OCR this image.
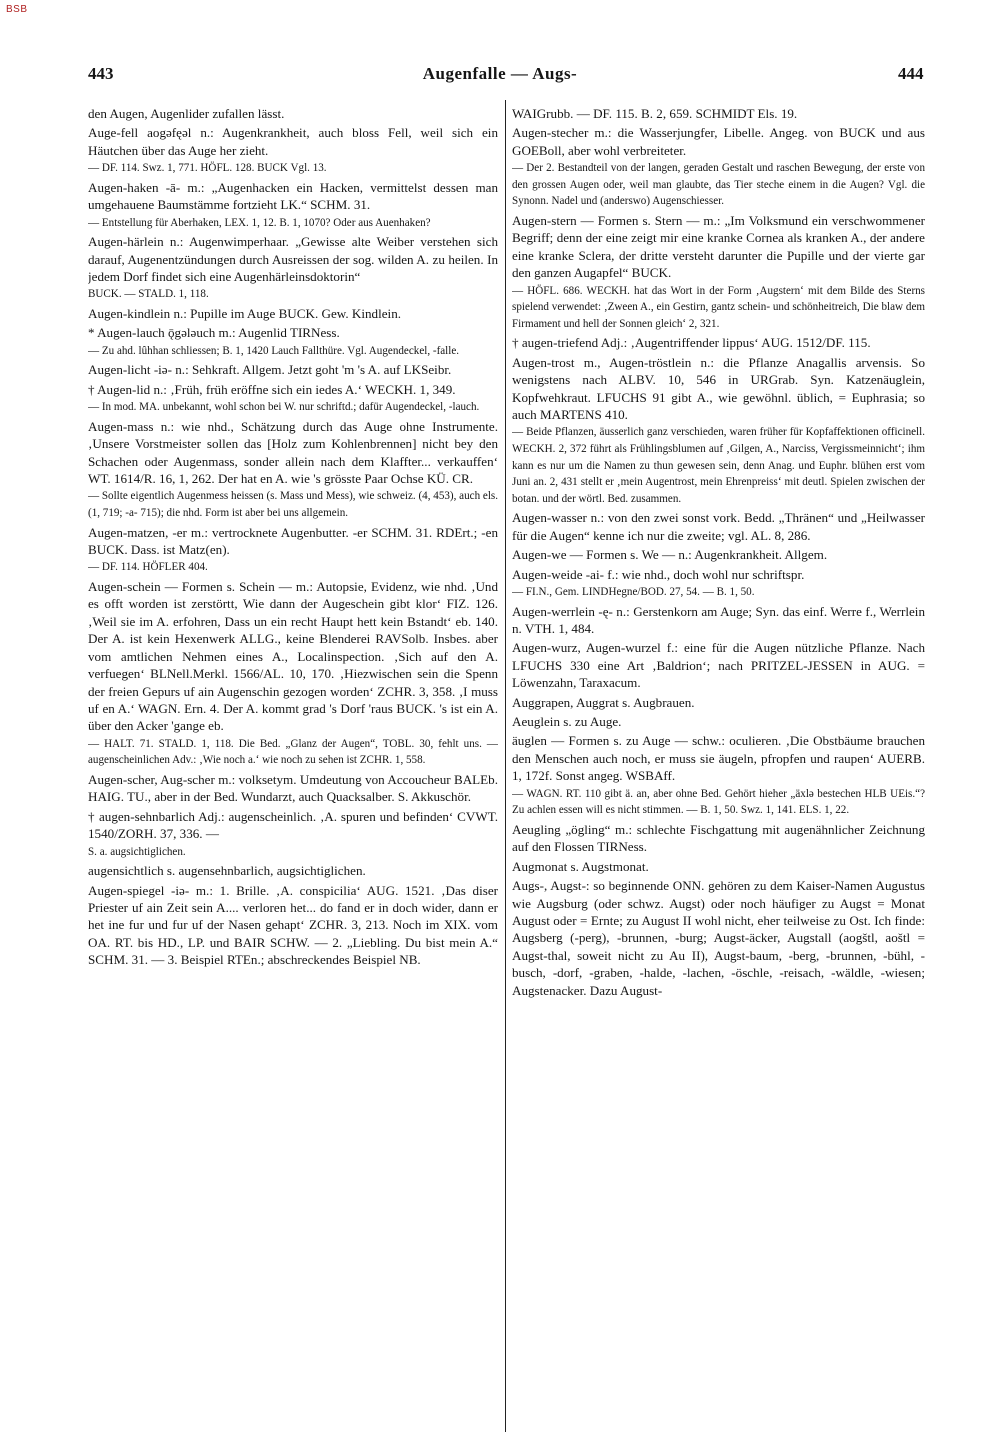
BSB
443	Augenfalle — Augs-	444

den Augen, Augenlider zufallen lässt.

Auge-fell aogǝfęǝl n.: Augenkrankheit, auch bloss Fell, weil sich ein Häutchen über das Auge her zieht.

— DF. 114. Swz. 1, 771. HÖFL. 128. BUCK Vgl. 13.

Augen-haken -ā- m.: „Augenhacken ein Hacken, vermittelst dessen man umgehauene Baumstämme fortzieht LK.“ SCHM. 31.

— Entstellung für Aberhaken, LEX. 1, 12. B. 1, 1070? Oder aus Auenhaken?

Augen-härlein n.: Augenwimperhaar. „Gewisse alte Weiber verstehen sich darauf, Augenentzündungen durch Ausreissen der sog. wilden A. zu heilen. In jedem Dorf findet sich eine Augenhärleinsdoktorin“

BUCK. — STALD. 1, 118.

Augen-kindlein n.: Pupille im Auge BUCK. Gew. Kindlein.

* Augen-lauch ǭgǝlǝuch m.: Augenlid TIRNess.

— Zu ahd. lûhhan schliessen; B. 1, 1420 Lauch Fallthüre. Vgl. Augendeckel, -falle.

Augen-licht -iǝ- n.: Sehkraft. Allgem. Jetzt goht 'm 's A. auf LKSeibr.

† Augen-lid n.: ‚Früh, früh eröffne sich ein iedes A.‘ WECKH. 1, 349.

— In mod. MA. unbekannt, wohl schon bei W. nur schriftd.; dafür Augendeckel, -lauch.

Augen-mass n.: wie nhd., Schätzung durch das Auge ohne Instrumente. ‚Unsere Vorstmeister sollen das [Holz zum Kohlenbrennen] nicht bey den Schachen oder Augenmass, sonder allein nach dem Klaffter... verkauffen‘ WT. 1614/R. 16, 1, 262. Der hat en A. wie 's grösste Paar Ochse KÜ. CR.

— Sollte eigentlich Augenmess heissen (s. Mass und Mess), wie schweiz. (4, 453), auch els. (1, 719; -a- 715); die nhd. Form ist aber bei uns allgemein.

Augen-matzen, -er m.: vertrocknete Augenbutter. -er SCHM. 31. RDErt.; -en BUCK. Dass. ist Matz(en).

— DF. 114. HÖFLER 404.

Augen-schein — Formen s. Schein — m.: Autopsie, Evidenz, wie nhd. ‚Und es offt worden ist zerstörtt, Wie dann der Augeschein gibt klor‘ FIZ. 126. ‚Weil sie im A. erfohren, Dass un ein recht Haupt hett kein Bstandt‘ eb. 140. Der A. ist kein Hexenwerk ALLG., keine Blenderei RAVSolb. Insbes. aber vom amtlichen Nehmen eines A., Localinspection. ‚Sich auf den A. verfuegen‘ BLNell.Merkl. 1566/AL. 10, 170. ‚Hiezwischen sein die Spenn der freien Gepurs uf ain Augenschin gezogen worden‘ ZCHR. 3, 358. ‚I muss uf en A.‘ WAGN. Ern. 4. Der A. kommt grad 's Dorf 'raus BUCK. 's ist ein A. über den Acker 'gange eb.

— HALT. 71. STALD. 1, 118. Die Bed. „Glanz der Augen“, TOBL. 30, fehlt uns. — augenscheinlichen Adv.: ‚Wie noch a.‘ wie noch zu sehen ist ZCHR. 1, 558.

Augen-scher, Aug-scher m.: volksetym. Umdeutung von Accoucheur BALEb. HAIG. TU., aber in der Bed. Wundarzt, auch Quacksalber. S. Akkuschör.

† augen-sehnbarlich Adj.: augenscheinlich. ‚A. spuren und befinden‘ CVWT. 1540/ZORH. 37, 336. —

S. a. augsichtiglichen.

augensichtlich s. augensehnbarlich, augsichtiglichen.

Augen-spiegel -iǝ- m.: 1. Brille. ‚A. conspicilia‘ AUG. 1521. ‚Das diser Priester uf ain Zeit sein A.... verloren het... do fand er in doch wider, dann er het ine fur und fur uf der Nasen gehapt‘ ZCHR. 3, 213. Noch im XIX. vom OA. RT. bis HD., LP. und BAIR SCHW. — 2. „Liebling. Du bist mein A.“ SCHM. 31. — 3. Beispiel RTEn.; abschreckendes Beispiel NB.

WAIGrubb. — DF. 115. B. 2, 659. SCHMIDT Els. 19.

Augen-stecher m.: die Wasserjungfer, Libelle. Angeg. von BUCK und aus GOEBoll, aber wohl verbreiteter.

— Der 2. Bestandteil von der langen, geraden Gestalt und raschen Bewegung, der erste von den grossen Augen oder, weil man glaubte, das Tier steche einem in die Augen? Vgl. die Synonn. Nadel und (anderswo) Augenschiesser.

Augen-stern — Formen s. Stern — m.: „Im Volksmund ein verschwommener Begriff; denn der eine zeigt mir eine kranke Cornea als kranken A., der andere eine kranke Sclera, der dritte versteht darunter die Pupille und der vierte gar den ganzen Augapfel“ BUCK.

— HÖFL. 686. WECKH. hat das Wort in der Form ‚Augstern‘ mit dem Bilde des Sterns spielend verwendet: ‚Zween A., ein Gestirn, gantz schein- und schönheitreich, Die blaw dem Firmament und hell der Sonnen gleich‘ 2, 321.

† augen-triefend Adj.: ‚Augentriffender lippus‘ AUG. 1512/DF. 115.

Augen-trost m., Augen-tröstlein n.: die Pflanze Anagallis arvensis. So wenigstens nach ALBV. 10, 546 in URGrab. Syn. Katzenäuglein, Kopfwehkraut. LFUCHS 91 gibt A., wie gewöhnl. üblich, = Euphrasia; so auch MARTENS 410.

— Beide Pflanzen, äusserlich ganz verschieden, waren früher für Kopfaffektionen officinell. WECKH. 2, 372 führt als Frühlingsblumen auf ‚Gilgen, A., Narciss, Vergissmeinnicht‘; ihm kann es nur um die Namen zu thun gewesen sein, denn Anag. und Euphr. blühen erst vom Juni an. 2, 431 stellt er ‚mein Augentrost, mein Ehrenpreiss‘ mit deutl. Spielen zwischen der botan. und der wörtl. Bed. zusammen.

Augen-wasser n.: von den zwei sonst vork. Bedd. „Thränen“ und „Heilwasser für die Augen“ kenne ich nur die zweite; vgl. AL. 8, 286.

Augen-we — Formen s. We — n.: Augenkrankheit. Allgem.

Augen-weide -ai- f.: wie nhd., doch wohl nur schriftspr.

— FI.N., Gem. LINDHegne/BOD. 27, 54. — B. 1, 50.

Augen-werrlein -ę- n.: Gerstenkorn am Auge; Syn. das einf. Werre f., Werrlein n. VTH. 1, 484.

Augen-wurz, Augen-wurzel f.: eine für die Augen nützliche Pflanze. Nach LFUCHS 330 eine Art ‚Baldrion‘; nach PRITZEL-JESSEN in AUG. = Löwenzahn, Taraxacum.

Auggrapen, Auggrat s. Augbrauen.

Aeuglein s. zu Auge.

äuglen — Formen s. zu Auge — schw.: oculieren. ‚Die Obstbäume brauchen den Menschen auch noch, er muss sie äugeln, pfropfen und raupen‘ AUERB. 1, 172f. Sonst angeg. WSBAff.

— WAGN. RT. 110 gibt ä. an, aber ohne Bed. Gehört hieher „äxlǝ bestechen HLB UEis.“? Zu achlen essen will es nicht stimmen. — B. 1, 50. Swz. 1, 141. ELS. 1, 22.

Aeugling „ögling“ m.: schlechte Fischgattung mit augenähnlicher Zeichnung auf den Flossen TIRNess.

Augmonat s. Augstmonat.

Augs-, Augst-: so beginnende ONN. gehören zu dem Kaiser-Namen Augustus wie Augsburg (oder schwz. Augst) oder noch häufiger zu Augst = Monat August oder = Ernte; zu August II wohl nicht, eher teilweise zu Ost. Ich finde: Augsberg (-perg), -brunnen, -burg; Augst-äcker, Augstall (aogštl, aoštl = Augst-thal, soweit nicht zu Au II), Augst-baum, -berg, -brunnen, -bühl, -busch, -dorf, -graben, -halde, -lachen, -öschle, -reisach, -wäldle, -wiesen; Augstenacker. Dazu August-
